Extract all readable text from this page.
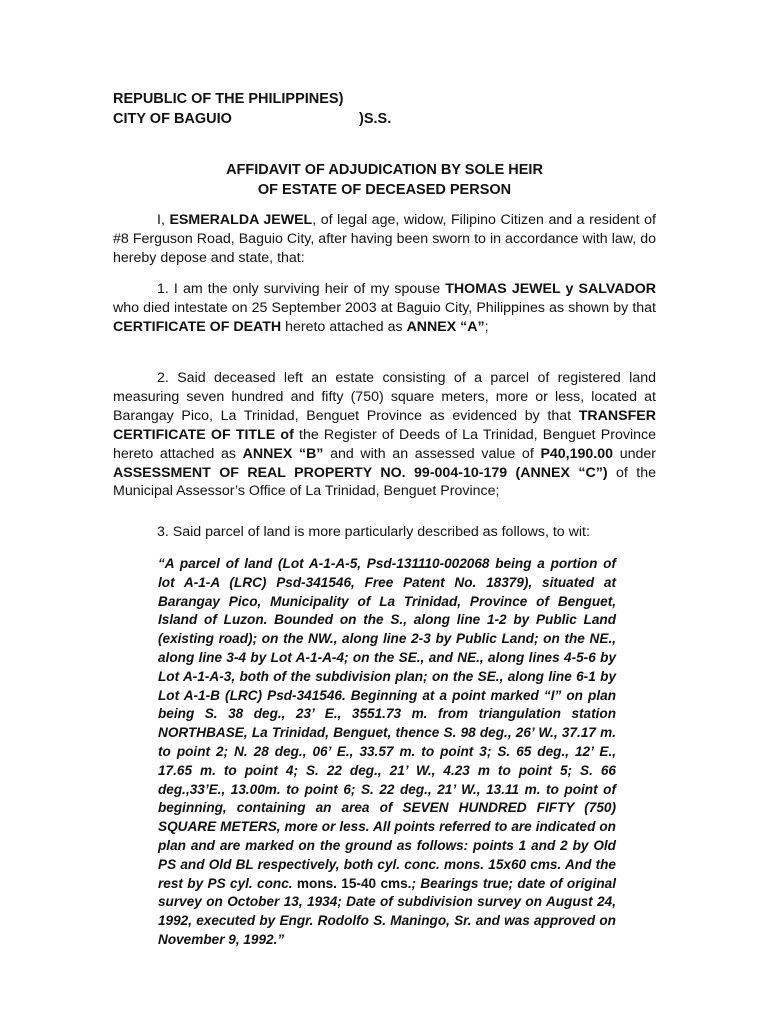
REPUBLIC OF THE PHILIPPINES)
CITY OF BAGUIO	)S.S.
AFFIDAVIT OF ADJUDICATION BY SOLE HEIR
OF ESTATE OF DECEASED PERSON

I, ESMERALDA JEWEL, of legal age, widow, Filipino Citizen and a resident of #8 Ferguson Road, Baguio City, after having been sworn to in accordance with law, do hereby depose and state, that:

1. I am the only surviving heir of my spouse THOMAS JEWEL y SALVADOR who died intestate on 25 September 2003 at Baguio City, Philippines as shown by that CERTIFICATE OF DEATH hereto attached as ANNEX “A”;

2. Said deceased left an estate consisting of a parcel of registered land measuring seven hundred and fifty (750) square meters, more or less, located at Barangay Pico, La Trinidad, Benguet Province as evidenced by that TRANSFER CERTIFICATE OF TITLE of the Register of Deeds of La Trinidad, Benguet Province hereto attached as ANNEX “B” and with an assessed value of P40,190.00 under ASSESSMENT OF REAL PROPERTY NO. 99-004-10-179 (ANNEX “C”) of the Municipal Assessor’s Office of La Trinidad, Benguet Province;

3. Said parcel of land is more particularly described as follows, to wit:

“A parcel of land (Lot A-1-A-5, Psd-131110-002068 being a portion of lot A-1-A (LRC) Psd-341546, Free Patent No. 18379), situated at Barangay Pico, Municipality of La Trinidad, Province of Benguet, Island of Luzon. Bounded on the S., along line 1-2 by Public Land (existing road); on the NW., along line 2-3 by Public Land; on the NE., along line 3-4 by Lot A-1-A-4; on the SE., and NE., along lines 4-5-6 by Lot A-1-A-3, both of the subdivision plan; on the SE., along line 6-1 by Lot A-1-B (LRC) Psd-341546. Beginning at a point marked “I” on plan being S. 38 deg., 23’ E., 3551.73 m. from triangulation station NORTHBASE, La Trinidad, Benguet, thence S. 98 deg., 26’ W., 37.17 m. to point 2; N. 28 deg., 06’ E., 33.57 m. to point 3; S. 65 deg., 12’ E., 17.65 m. to point 4; S. 22 deg., 21’ W., 4.23 m to point 5; S. 66 deg.,33’E., 13.00m. to point 6; S. 22 deg., 21’ W., 13.11 m. to point of beginning, containing an area of SEVEN HUNDRED FIFTY (750) SQUARE METERS, more or less. All points referred to are indicated on plan and are marked on the ground as follows: points 1 and 2 by Old PS and Old BL respectively, both cyl. conc. mons. 15x60 cms. And the rest by PS cyl. conc. mons. 15-40 cms.; Bearings true; date of original survey on October 13, 1934; Date of subdivision survey on August 24, 1992, executed by Engr. Rodolfo S. Maningo, Sr. and was approved on November 9, 1992.”
